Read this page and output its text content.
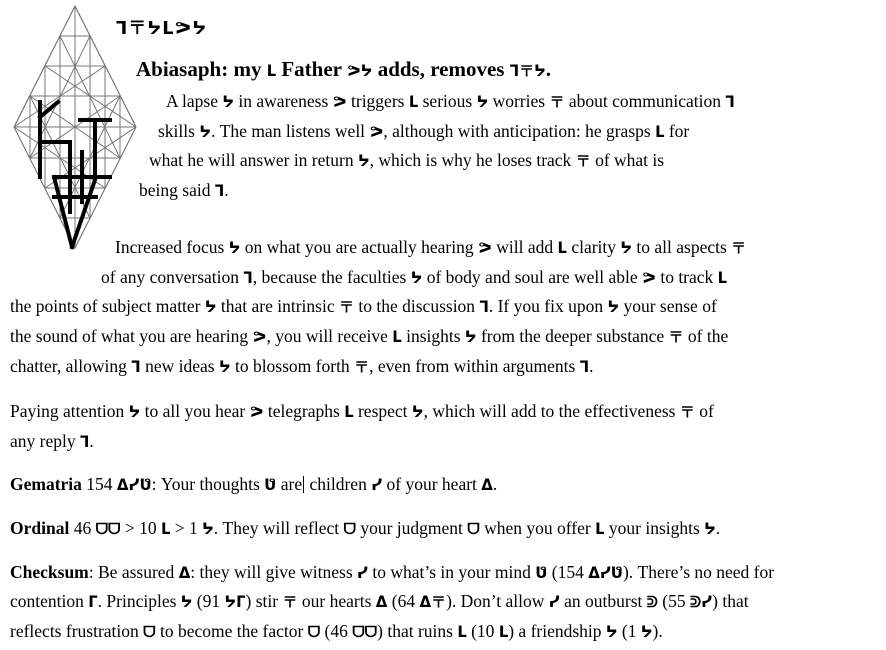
ᒣ〒ᔭᒪᕗᔭ
Abiasaph: my ᒪ Father ᕗᔭ adds, removes ᒣ〒ᔭ.
A lapse ᔭ in awareness ᕗ triggers ᒪ serious ᔭ worries 〒 about communication ᒣ
skills ᔭ. The man listens well ᕗ, although with anticipation: he grasps ᒪ for
what he will answer in return ᔭ, which is why he loses track 〒 of what is
being said ᒣ.
Increased focus ᔭ on what you are actually hearing ᕗ will add ᒪ clarity ᔭ to all aspects 〒
of any conversation ᒣ, because the faculties ᔭ of body and soul are well able ᕗ to track ᒪ
the points of subject matter ᔭ that are intrinsic 〒 to the discussion ᒣ. If you fix upon ᔭ your sense of
the sound of what you are hearing ᕗ, you will receive ᒪ insights ᔭ from the deeper substance 〒 of the
chatter, allowing ᒣ new ideas ᔭ to blossom forth 〒, even from within arguments ᒣ.
Paying attention ᔭ to all you hear ᕗ telegraphs ᒪ respect ᔭ, which will add to the effectiveness 〒 of
any reply ᒣ.
Gematria 154 ᐃᓯᕟ: Your thoughts ᕟ are children ᓯ of your heart ᐃ.
Ordinal 46 ᗜᗜ > 10 ᒪ > 1 ᔭ. They will reflect ᗜ your judgment ᗜ when you offer ᒪ your insights ᔭ.
Checksum: Be assured ᐃ: they will give witness ᓯ to what’s in your mind ᕟ (154 ᐃᓯᕟ). There’s no need for
contention ᒥ. Principles ᔭ (91 ᔭᒥ) stir 〒 our hearts ᐃ (64 ᐃ〒). Don’t allow ᓯ an outburst ᕲ (55 ᕲᓯ) that
reflects frustration ᗜ to become the factor ᗜ (46 ᗜᗜ) that ruins ᒪ (10 ᒪ) a friendship ᔭ (1 ᔭ).
